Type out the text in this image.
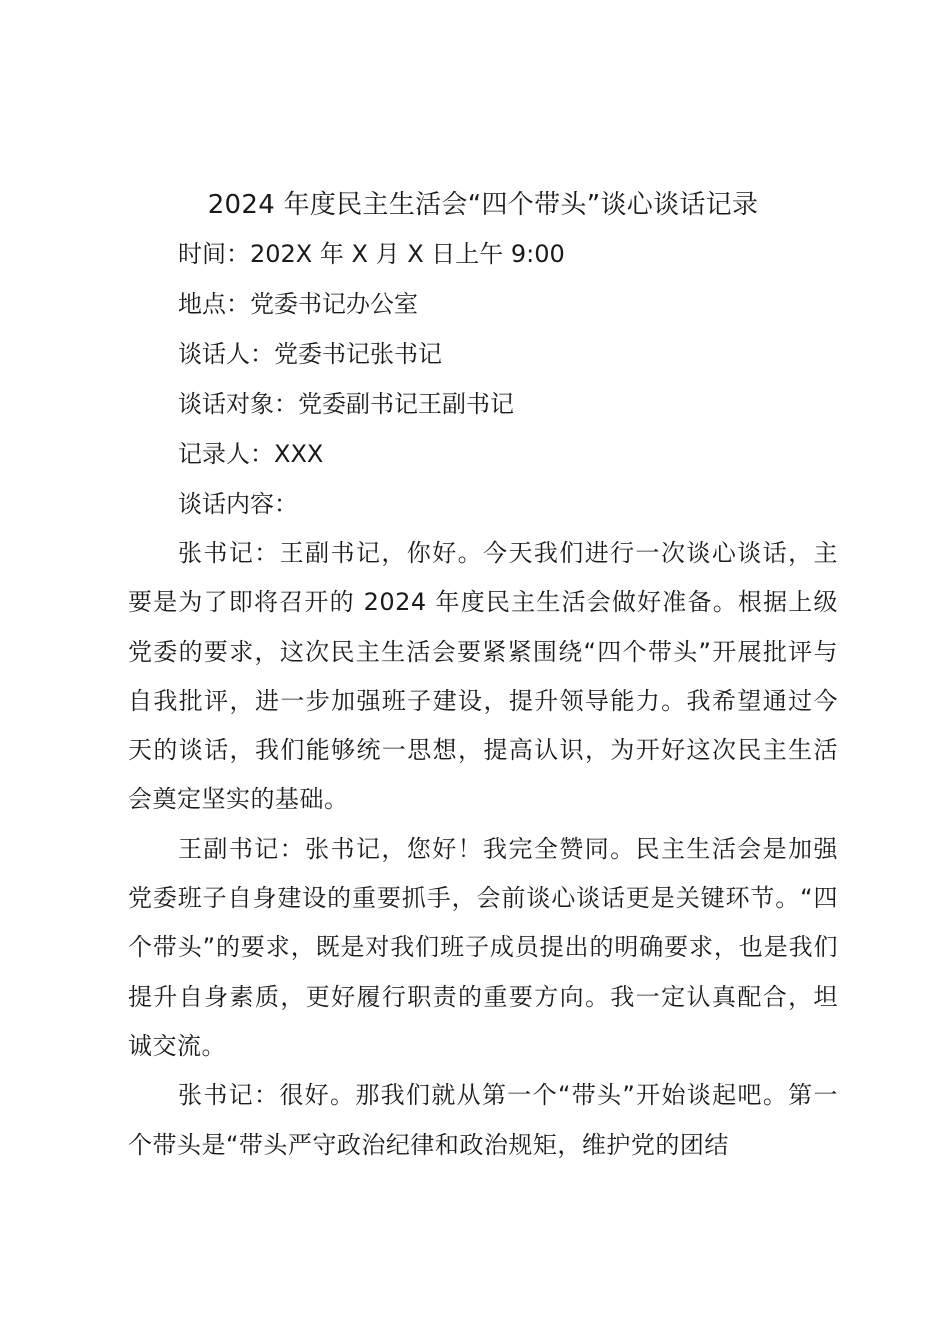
2024 年度民主生活会“四个带头”谈心谈话记录
时间：202X 年 X 月 X 日上午 9:00
地点：党委书记办公室
谈话人：党委书记张书记
谈话对象：党委副书记王副书记
记录人：XXX
谈话内容：

张书记：王副书记，你好。今天我们进行一次谈心谈话，主要是为了即将召开的 2024 年度民主生活会做好准备。根据上级党委的要求，这次民主生活会要紧紧围绕“四个带头”开展批评与自我批评，进一步加强班子建设，提升领导能力。我希望通过今天的谈话，我们能够统一思想，提高认识，为开好这次民主生活会奠定坚实的基础。

王副书记：张书记，您好！我完全赞同。民主生活会是加强党委班子自身建设的重要抓手，会前谈心谈话更是关键环节。“四个带头”的要求，既是对我们班子成员提出的明确要求，也是我们提升自身素质，更好履行职责的重要方向。我一定认真配合，坦诚交流。

张书记：很好。那我们就从第一个“带头”开始谈起吧。第一个带头是“带头严守政治纪律和政治规矩，维护党的团结
